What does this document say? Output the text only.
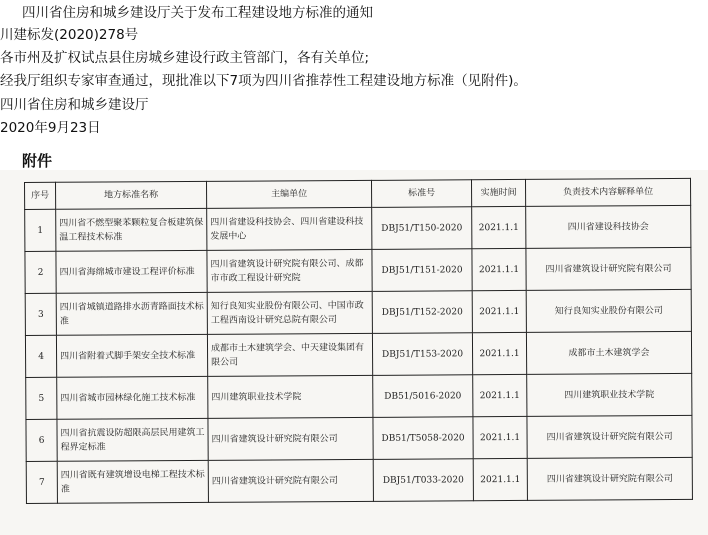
四川省住房和城乡建设厅关于发布工程建设地方标准的通知
川建标发(2020)278号
各市州及扩权试点县住房城乡建设行政主管部门，各有关单位;
经我厅组织专家审查通过，现批准以下7项为四川省推荐性工程建设地方标准（见附件)。
四川省住房和城乡建设厅
2020年9月23日
附件
序号	地方标准名称	主编单位	标准号	实施时间	负责技术内容解释单位
1	四川省不燃型聚苯颗粒复合板建筑保温工程技术标准	四川省建设科技协会、四川省建设科技发展中心	DBJ51/T150-2020	2021.1.1	四川省建设科技协会
2	四川省海绵城市建设工程评价标准	四川省建筑设计研究院有限公司、成都市市政工程设计研究院	DBJ51/T151-2020	2021.1.1	四川省建筑设计研究院有限公司
3	四川省城镇道路排水沥青路面技术标准	知行良知实业股份有限公司、中国市政工程西南设计研究总院有限公司	DBJ51/T152-2020	2021.1.1	知行良知实业股份有限公司
4	四川省附着式脚手架安全技术标准	成都市土木建筑学会、中天建设集团有限公司	DBJ51/T153-2020	2021.1.1	成都市土木建筑学会
5	四川省城市园林绿化施工技术标准	四川建筑职业技术学院	DB51/5016-2020	2021.1.1	四川建筑职业技术学院
6	四川省抗震设防超限高层民用建筑工程界定标准	四川省建筑设计研究院有限公司	DB51/T5058-2020	2021.1.1	四川省建筑设计研究院有限公司
7	四川省既有建筑增设电梯工程技术标准	四川省建筑设计研究院有限公司	DBJ51/T033-2020	2021.1.1	四川省建筑设计研究院有限公司
